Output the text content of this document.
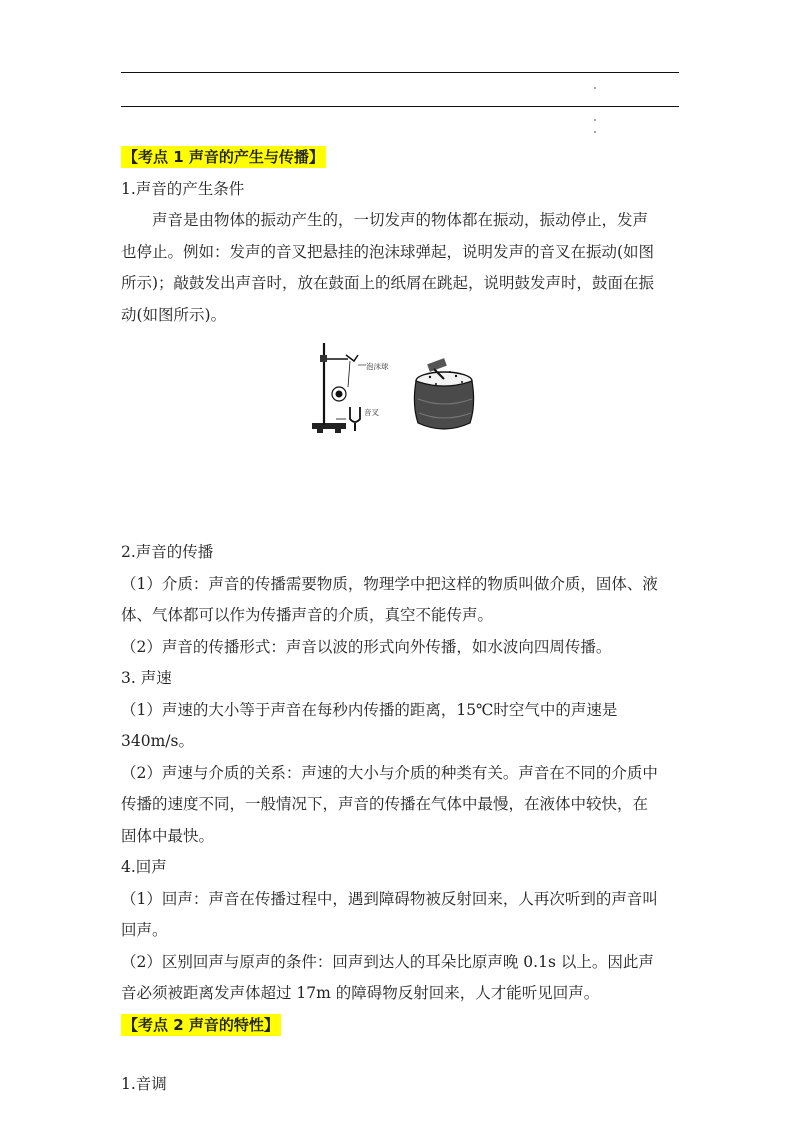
【考点 1 声音的产生与传播】
1.声音的产生条件
声音是由物体的振动产生的，一切发声的物体都在振动，振动停止，发声
也停止。例如：发声的音叉把悬挂的泡沫球弹起，说明发声的音叉在振动(如图
所示)；敲鼓发出声音时，放在鼓面上的纸屑在跳起，说明鼓发声时，鼓面在振
动(如图所示)。
泡沫球
音叉
2.声音的传播
（1）介质：声音的传播需要物质，物理学中把这样的物质叫做介质，固体、液
体、气体都可以作为传播声音的介质，真空不能传声。
（2）声音的传播形式：声音以波的形式向外传播，如水波向四周传播。
3. 声速
（1）声速的大小等于声音在每秒内传播的距离，15℃时空气中的声速是
340m/s。
（2）声速与介质的关系：声速的大小与介质的种类有关。声音在不同的介质中
传播的速度不同，一般情况下，声音的传播在气体中最慢，在液体中较快，在
固体中最快。
4.回声
（1）回声：声音在传播过程中，遇到障碍物被反射回来，人再次听到的声音叫
回声。
（2）区别回声与原声的条件：回声到达人的耳朵比原声晚 0.1s 以上。因此声
音必须被距离发声体超过 17m 的障碍物反射回来，人才能听见回声。
【考点 2 声音的特性】
1.音调
